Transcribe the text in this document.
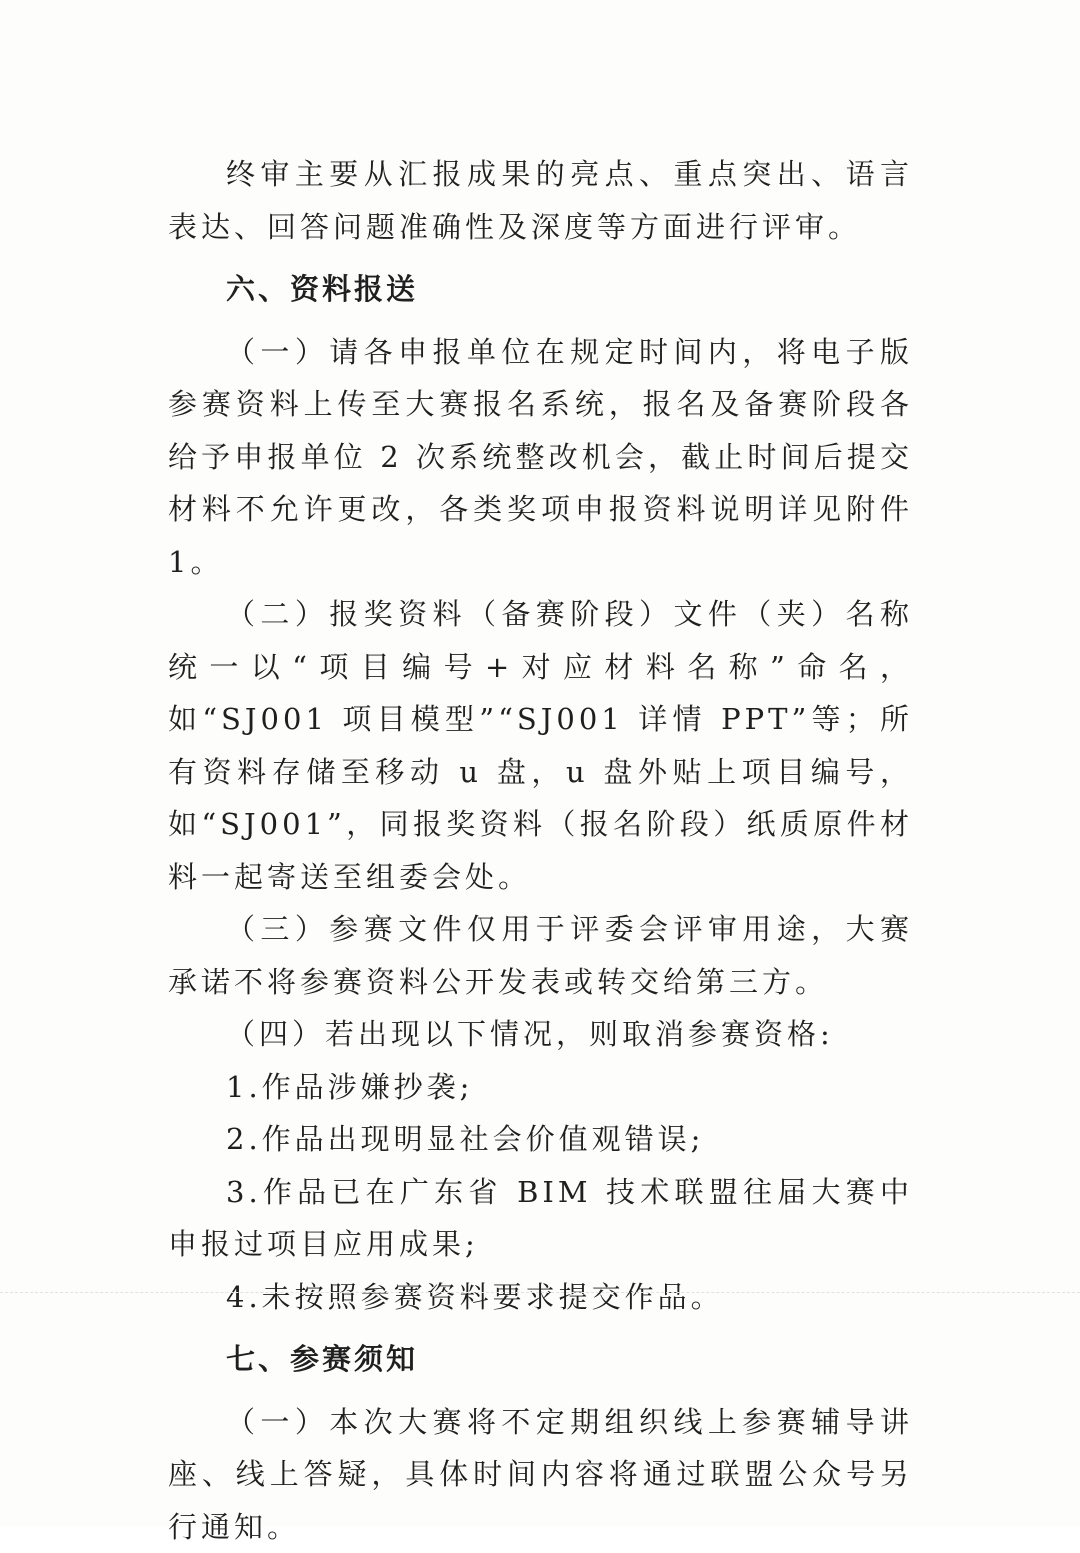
终审主要从汇报成果的亮点、重点突出、语言表达、回答问题准确性及深度等方面进行评审。

六、资料报送

（一）请各申报单位在规定时间内，将电子版参赛资料上传至大赛报名系统，报名及备赛阶段各给予申报单位 2 次系统整改机会，截止时间后提交材料不允许更改，各类奖项申报资料说明详见附件 1。

（二）报奖资料（备赛阶段）文件（夹）名称统一以“项目编号+对应材料名称”命名，如“SJ001 项目模型”“SJ001 详情 PPT”等；所有资料存储至移动 u 盘，u 盘外贴上项目编号，如“SJ001”，同报奖资料（报名阶段）纸质原件材料一起寄送至组委会处。

（三）参赛文件仅用于评委会评审用途，大赛承诺不将参赛资料公开发表或转交给第三方。

（四）若出现以下情况，则取消参赛资格:

1.作品涉嫌抄袭;

2.作品出现明显社会价值观错误;

3.作品已在广东省 BIM 技术联盟往届大赛中申报过项目应用成果;

4.未按照参赛资料要求提交作品。

七、参赛须知

（一）本次大赛将不定期组织线上参赛辅导讲座、线上答疑，具体时间内容将通过联盟公众号另行通知。
